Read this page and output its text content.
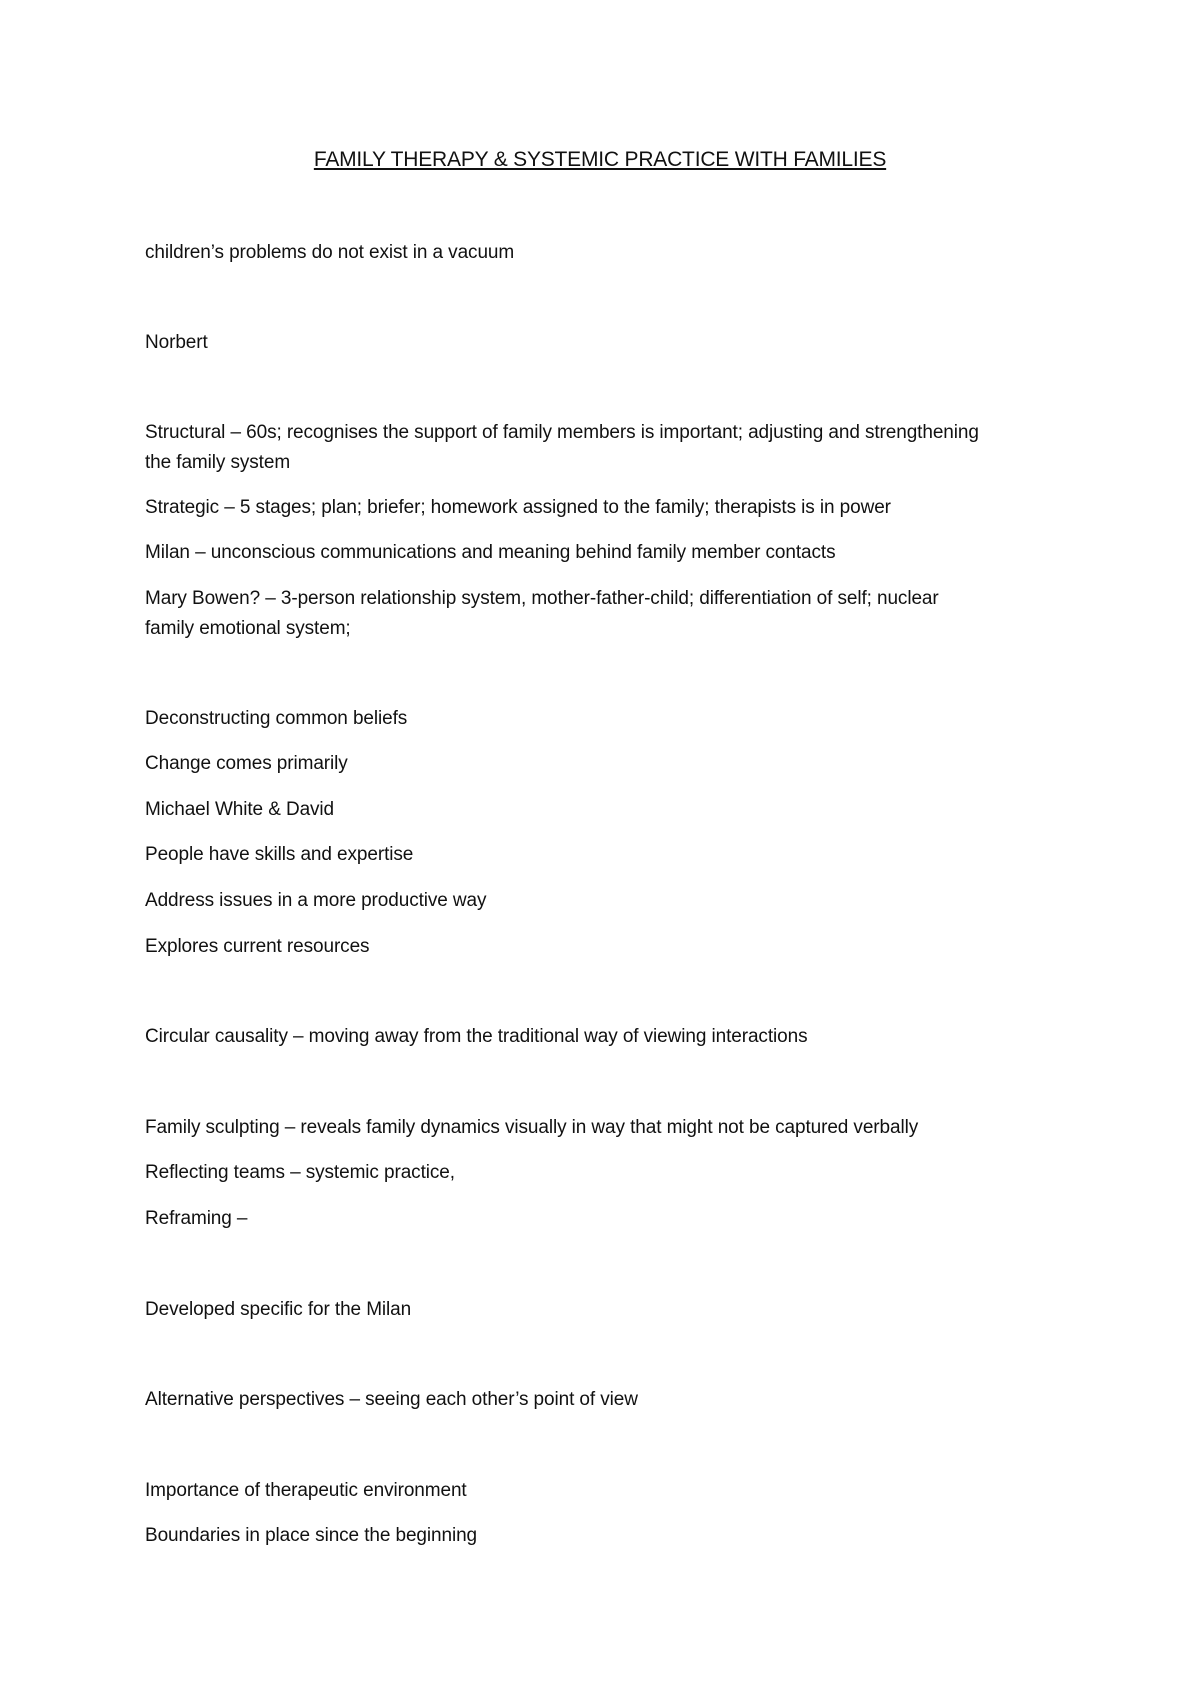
FAMILY THERAPY & SYSTEMIC PRACTICE WITH FAMILIES
children’s problems do not exist in a vacuum
Norbert
Structural – 60s; recognises the support of family members is important; adjusting and strengthening
the family system
Strategic – 5 stages; plan; briefer; homework assigned to the family; therapists is in power
Milan – unconscious communications and meaning behind family member contacts
Mary Bowen? – 3-person relationship system, mother-father-child; differentiation of self; nuclear
family emotional system;
Deconstructing common beliefs
Change comes primarily
Michael White & David
People have skills and expertise
Address issues in a more productive way
Explores current resources
Circular causality – moving away from the traditional way of viewing interactions
Family sculpting – reveals family dynamics visually in way that might not be captured verbally
Reflecting teams – systemic practice,
Reframing –
Developed specific for the Milan
Alternative perspectives – seeing each other’s point of view
Importance of therapeutic environment
Boundaries in place since the beginning
